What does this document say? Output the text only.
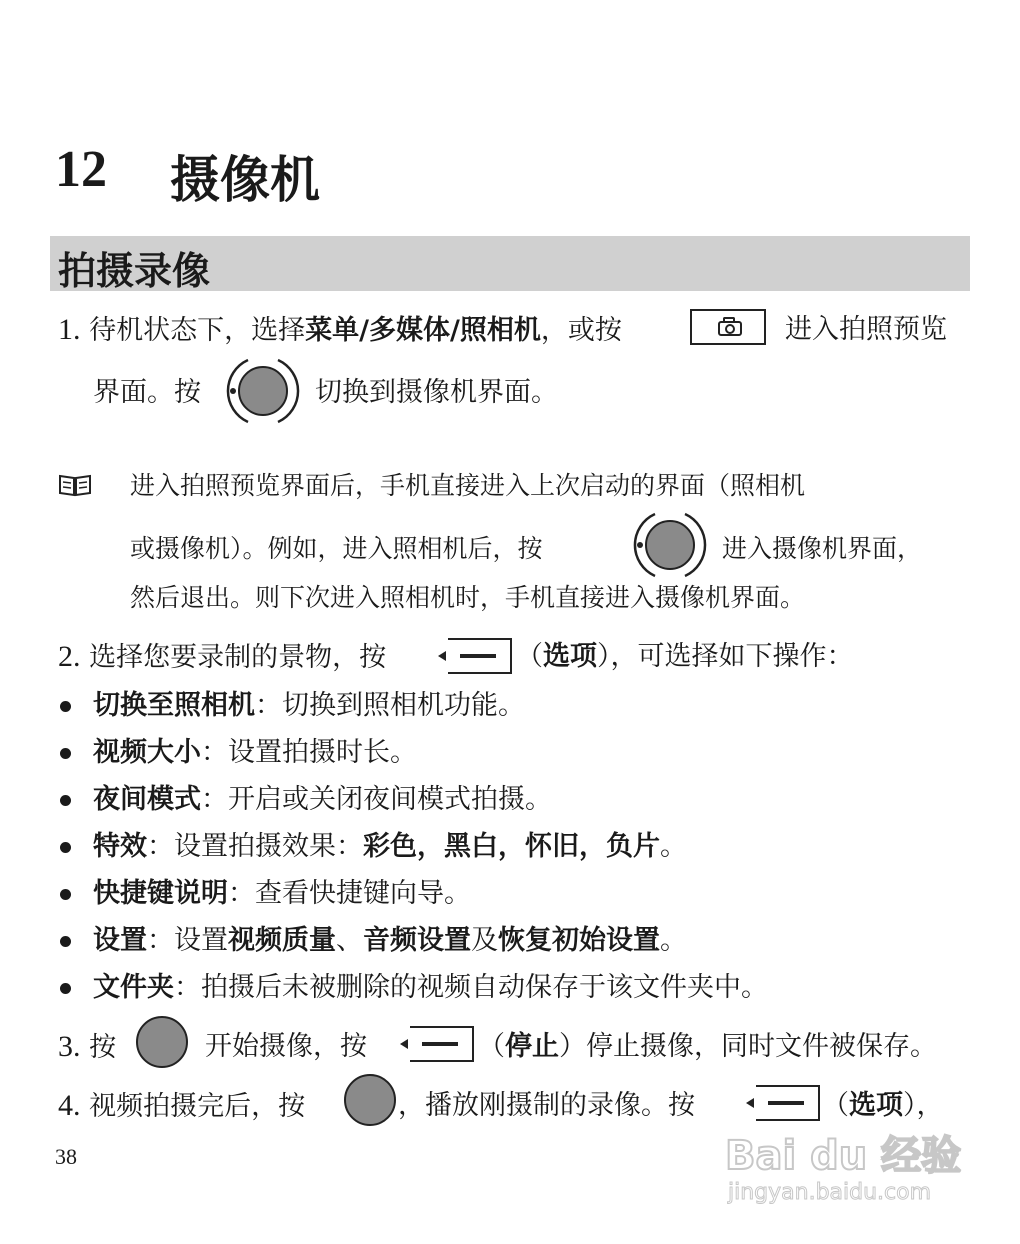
12 摄像机
拍摄录像
1. 待机状态下，选择菜单/多媒体/照相机，或按	进入拍照预览
界面。按	切换到摄像机界面。
进入拍照预览界面后，手机直接进入上次启动的界面（照相机
或摄像机）。例如，进入照相机后，按	进入摄像机界面，
然后退出。则下次进入照相机时，手机直接进入摄像机界面。
2. 选择您要录制的景物，按	（选项），可选择如下操作：
切换至照相机：切换到照相机功能。
视频大小：设置拍摄时长。
夜间模式：开启或关闭夜间模式拍摄。
特效：设置拍摄效果：彩色，黑白，怀旧，负片。
快捷键说明：查看快捷键向导。
设置：设置视频质量、音频设置及恢复初始设置。
文件夹：拍摄后未被删除的视频自动保存于该文件夹中。
3. 按	开始摄像，按	（停止）停止摄像，同时文件被保存。
4. 视频拍摄完后，按	，播放刚摄制的录像。按	（选项），
38	Bai du 经验
jingyan.baidu.com
